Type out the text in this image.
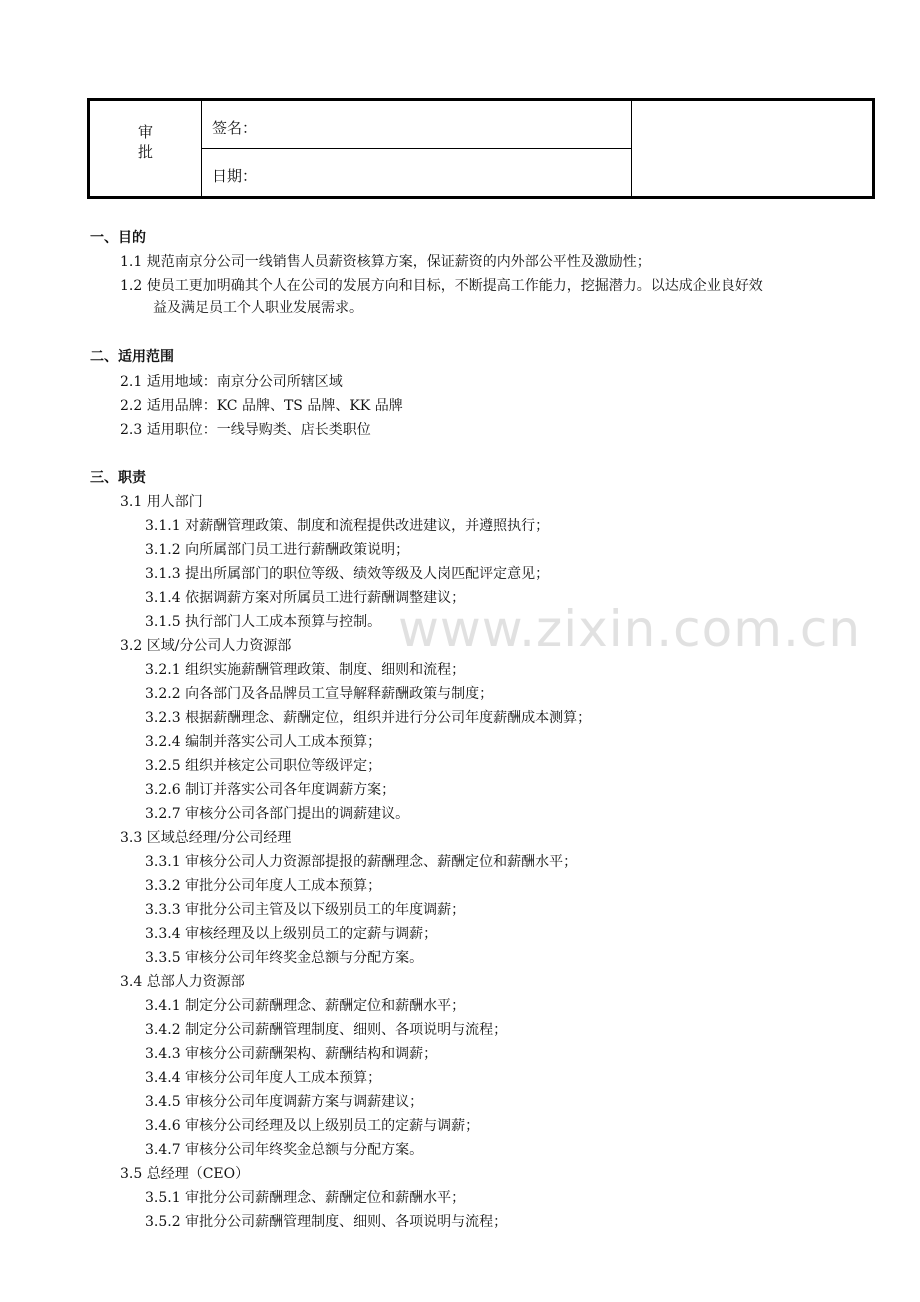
审
批
签名：
日期：
一、目的
1.1 规范南京分公司一线销售人员薪资核算方案，保证薪资的内外部公平性及激励性；
1.2 使员工更加明确其个人在公司的发展方向和目标，不断提高工作能力，挖掘潜力。以达成企业良好效
益及满足员工个人职业发展需求。
二、适用范围
2.1 适用地域：南京分公司所辖区域
2.2 适用品牌：KC 品牌、TS 品牌、KK 品牌
2.3 适用职位：一线导购类、店长类职位
三、职责
3.1 用人部门
3.1.1 对薪酬管理政策、制度和流程提供改进建议，并遵照执行；
3.1.2 向所属部门员工进行薪酬政策说明；
3.1.3 提出所属部门的职位等级、绩效等级及人岗匹配评定意见；
3.1.4 依据调薪方案对所属员工进行薪酬调整建议；
3.1.5 执行部门人工成本预算与控制。
3.2 区域/分公司人力资源部
3.2.1 组织实施薪酬管理政策、制度、细则和流程；
3.2.2 向各部门及各品牌员工宣导解释薪酬政策与制度；
3.2.3 根据薪酬理念、薪酬定位，组织并进行分公司年度薪酬成本测算；
3.2.4 编制并落实公司人工成本预算；
3.2.5 组织并核定公司职位等级评定；
3.2.6 制订并落实公司各年度调薪方案；
3.2.7 审核分公司各部门提出的调薪建议。
3.3 区域总经理/分公司经理
3.3.1 审核分公司人力资源部提报的薪酬理念、薪酬定位和薪酬水平；
3.3.2 审批分公司年度人工成本预算；
3.3.3 审批分公司主管及以下级别员工的年度调薪；
3.3.4 审核经理及以上级别员工的定薪与调薪；
3.3.5 审核分公司年终奖金总额与分配方案。
3.4 总部人力资源部
3.4.1 制定分公司薪酬理念、薪酬定位和薪酬水平；
3.4.2 制定分公司薪酬管理制度、细则、各项说明与流程；
3.4.3 审核分公司薪酬架构、薪酬结构和调薪；
3.4.4 审核分公司年度人工成本预算；
3.4.5 审核分公司年度调薪方案与调薪建议；
3.4.6 审核分公司经理及以上级别员工的定薪与调薪；
3.4.7 审核分公司年终奖金总额与分配方案。
3.5 总经理（CEO）
3.5.1 审批分公司薪酬理念、薪酬定位和薪酬水平；
3.5.2 审批分公司薪酬管理制度、细则、各项说明与流程；
www.zixin.com.cn
